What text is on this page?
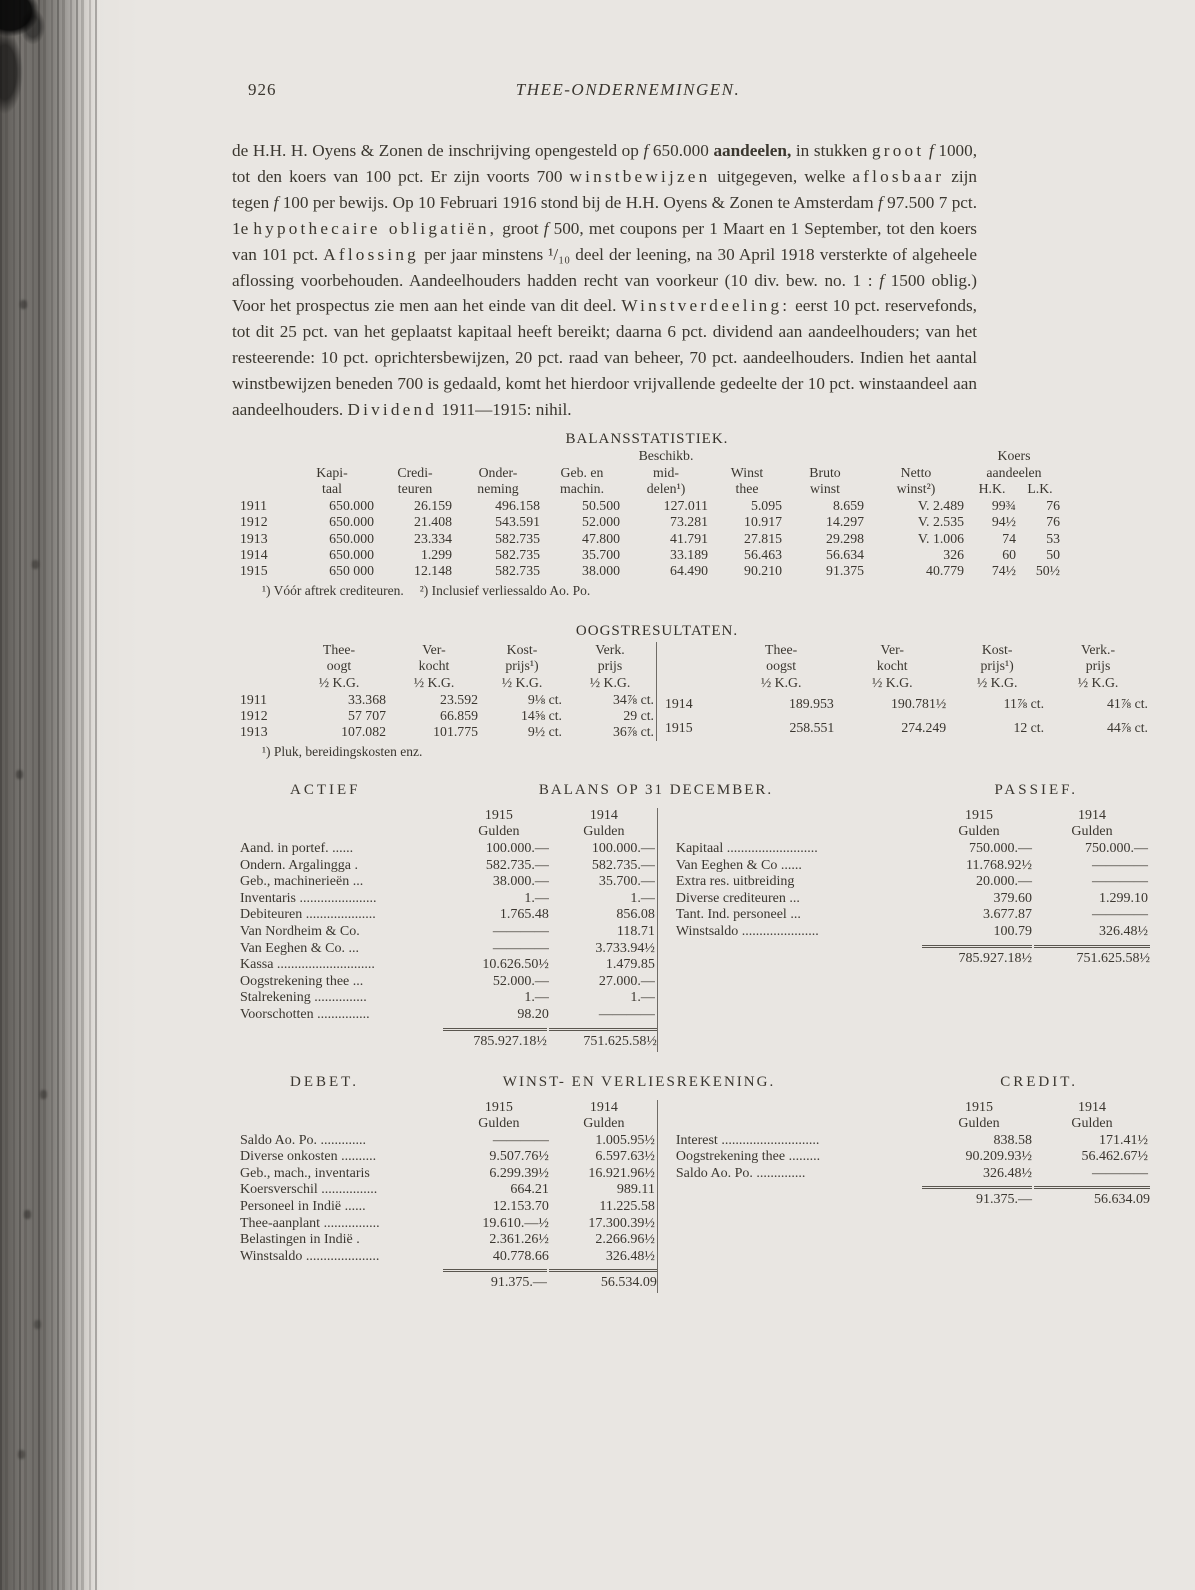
926	THEE-ONDERNEMINGEN.

de H.H. H. Oyens & Zonen de inschrijving opengesteld op f 650.000 aandeelen, in stukken groot f 1000, tot den koers van 100 pct. Er zijn voorts 700 winstbewijzen uitgegeven, welke aflosbaar zijn tegen f 100 per bewijs. Op 10 Februari 1916 stond bij de H.H. Oyens & Zonen te Amsterdam f 97.500 7 pct. 1e hypothecaire obligatiën, groot f 500, met coupons per 1 Maart en 1 September, tot den koers van 101 pct. Aflossing per jaar minstens ¹/₁₀ deel der leening, na 30 April 1918 versterkte of algeheele aflossing voorbehouden. Aandeelhouders hadden recht van voorkeur (10 div. bew. no. 1 : f 1500 oblig.) Voor het prospectus zie men aan het einde van dit deel. Winstverdeeling: eerst 10 pct. reservefonds, tot dit 25 pct. van het geplaatst kapitaal heeft bereikt; daarna 6 pct. dividend aan aandeelhouders; van het resteerende: 10 pct. oprichtersbewijzen, 20 pct. raad van beheer, 70 pct. aandeelhouders. Indien het aantal winstbewijzen beneden 700 is gedaald, komt het hierdoor vrijvallende gedeelte der 10 pct. winstaandeel aan aandeelhouders. Dividend 1911—1915: nihil.

BALANSSTATISTIEK.
					Beschikb.				Koers	
	Kapi-	Credi-	Onder-	Geb. en	mid-	Winst	Bruto	Netto	aandeelen	
	taal	teuren	neming	machin.	delen¹)	thee	winst	winst²)	H.K.	L.K.
1911	650.000	26.159	496.158	50.500	127.011	5.095	8.659	V. 2.489	99¾	76
1912	650.000	21.408	543.591	52.000	73.281	10.917	14.297	V. 2.535	94½	76
1913	650.000	23.334	582.735	47.800	41.791	27.815	29.298	V. 1.006	74	53
1914	650.000	1.299	582.735	35.700	33.189	56.463	56.634	326	60	50
1915	650 000	12.148	582.735	38.000	64.490	90.210	91.375	40.779	74½	50½
¹) Vóór aftrek crediteuren. ²) Inclusief verliessaldo Ao. Po.
OOGSTRESULTATEN.
	Thee-	Ver-	Kost-	Verk.
	oogt	kocht	prijs¹)	prijs
	½ K.G.	½ K.G.	½ K.G.	½ K.G.
1911	33.368	23.592	9⅛ ct.	34⅞ ct.
1912	57 707	66.859	14⅝ ct.	29 ct.
1913	107.082	101.775	9½ ct.	36⅞ ct.
	Thee-	Ver-	Kost-	Verk.-
	oogst	kocht	prijs¹)	prijs
	½ K.G.	½ K.G.	½ K.G.	½ K.G.
1914	189.953	190.781½	11⅞ ct.	41⅞ ct.
1915	258.551	274.249	12 ct.	44⅞ ct.
¹) Pluk, bereidingskosten enz.
ACTIEF	BALANS OP 31 DECEMBER.	PASSIEF.
	1915	1914
	Gulden	Gulden
Aand. in portef. ......	100.000.—	100.000.—
Ondern. Argalingga .	582.735.—	582.735.—
Geb., machinerieën ...	38.000.—	35.700.—
Inventaris ......................	1.—	1.—
Debiteuren ....................	1.765.48	856.08
Van Nordheim & Co.	————	118.71
Van Eeghen & Co. ...	————	3.733.94½
Kassa ............................	10.626.50½	1.479.85
Oogstrekening thee ...	52.000.—	27.000.—
Stalrekening ...............	1.—	1.—
Voorschotten ...............	98.20	————
785.927.18½	751.625.58½
	1915	1914
	Gulden	Gulden
Kapitaal ..........................	750.000.—	750.000.—
Van Eeghen & Co ......	11.768.92½	————
Extra res. uitbreiding	20.000.—	————
Diverse crediteuren ...	379.60	1.299.10
Tant. Ind. personeel ...	3.677.87	————
Winstsaldo ......................	100.79	326.48½
785.927.18½	751.625.58½
DEBET.	WINST- EN VERLIESREKENING.	CREDIT.
	1915	1914
	Gulden	Gulden
Saldo Ao. Po. .............	————	1.005.95½
Diverse onkosten ..........	9.507.76½	6.597.63½
Geb., mach., inventaris	6.299.39½	16.921.96½
Koersverschil ................	664.21	989.11
Personeel in Indië ......	12.153.70	11.225.58
Thee-aanplant ................	19.610.—½	17.300.39½
Belastingen in Indië .	2.361.26½	2.266.96½
Winstsaldo .....................	40.778.66	326.48½
91.375.—	56.534.09
	1915	1914
	Gulden	Gulden
Interest ............................	838.58	171.41½
Oogstrekening thee .........	90.209.93½	56.462.67½
Saldo Ao. Po. ..............	326.48½	————
91.375.—	56.634.09
